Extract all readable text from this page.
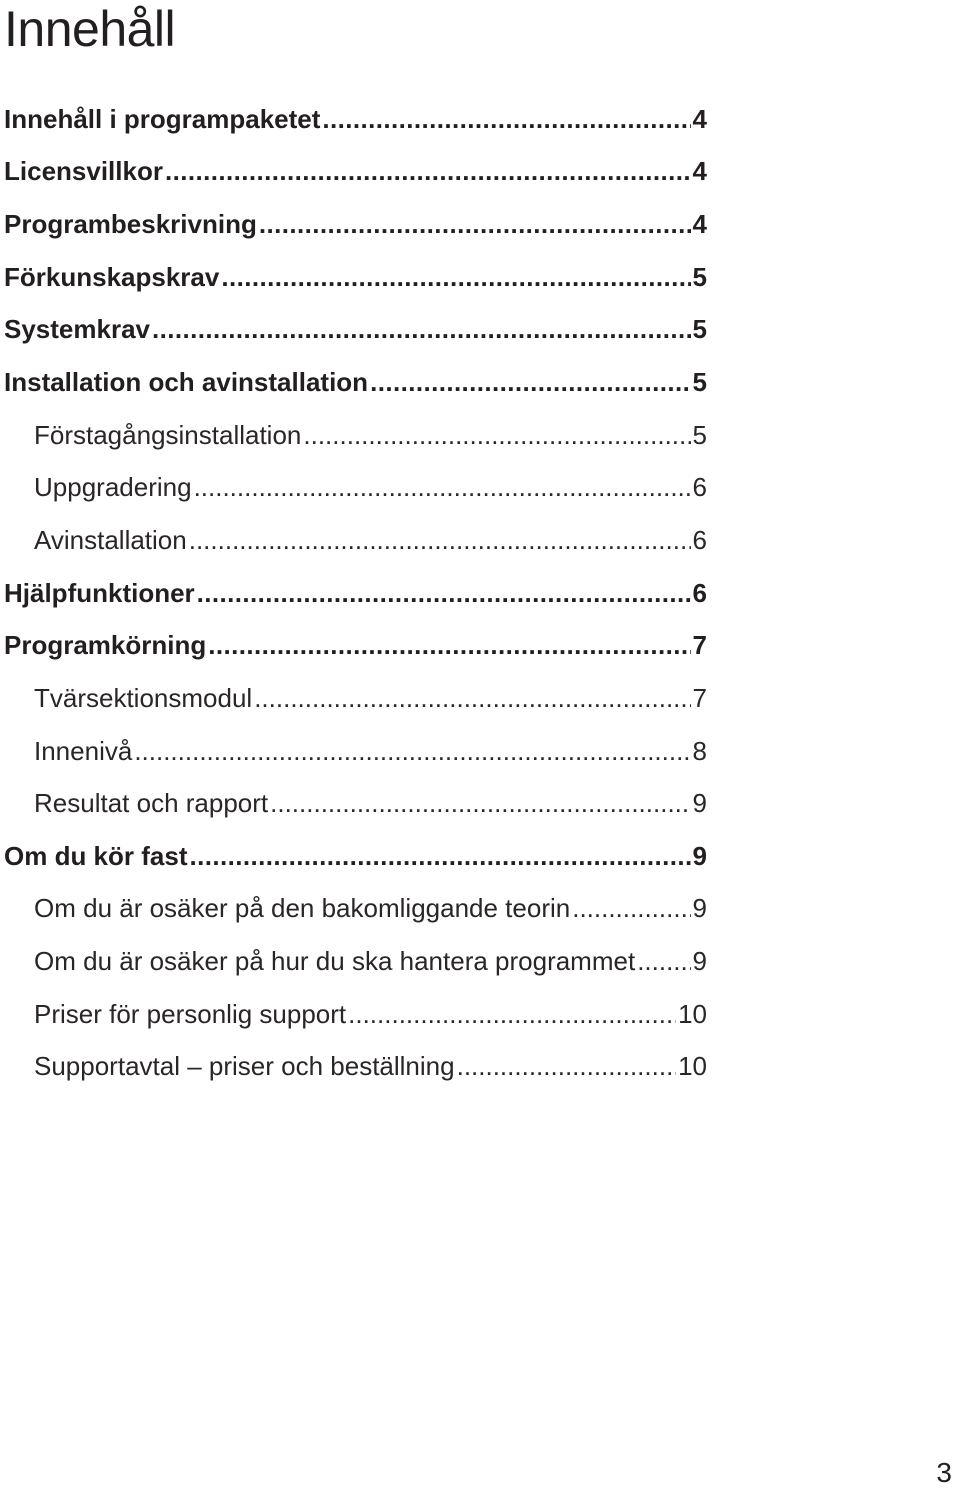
Innehåll
Innehåll i programpaketet .....	4
Licensvillkor .....	4
Programbeskrivning .....	4
Förkunskapskrav .....	5
Systemkrav .....	5
Installation och avinstallation .....	5
Förstagångsinstallation .....	5
Uppgradering .....	6
Avinstallation .....	6
Hjälpfunktioner .....	6
Programkörning .....	7
Tvärsektionsmodul .....	7
Innenivå .....	8
Resultat och rapport .....	9
Om du kör fast .....	9
Om du är osäker på den bakomliggande teorin .....	9
Om du är osäker på hur du ska hantera programmet ..... 9
Priser för personlig support .....	10
Supportavtal – priser och beställning .....	10

3
